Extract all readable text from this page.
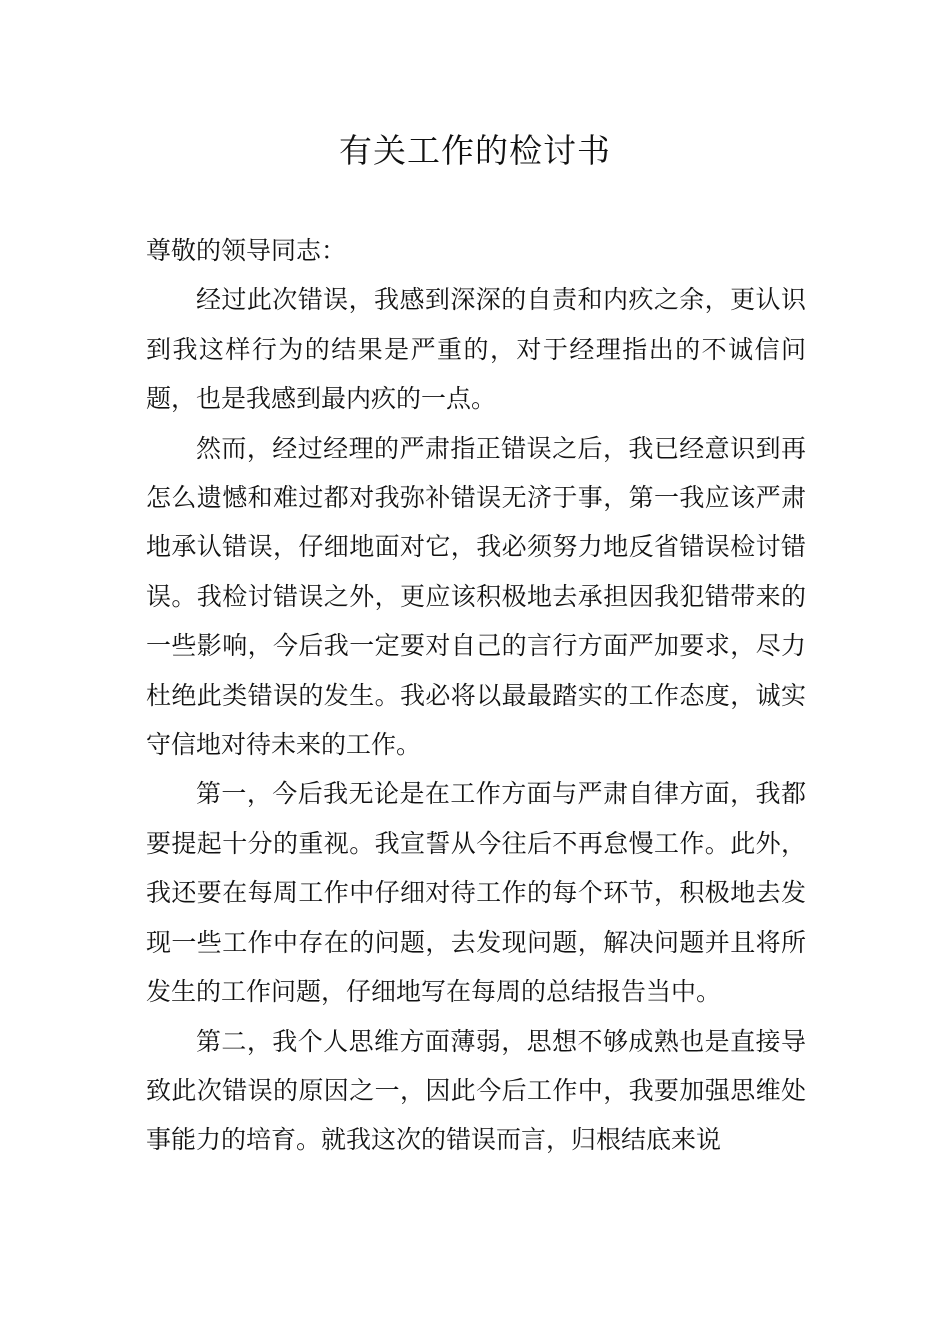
有关工作的检讨书

尊敬的领导同志：

经过此次错误，我感到深深的自责和内疚之余，更认识到我这样行为的结果是严重的，对于经理指出的不诚信问题，也是我感到最内疚的一点。

然而，经过经理的严肃指正错误之后，我已经意识到再怎么遗憾和难过都对我弥补错误无济于事，第一我应该严肃地承认错误，仔细地面对它，我必须努力地反省错误检讨错误。我检讨错误之外，更应该积极地去承担因我犯错带来的一些影响，今后我一定要对自己的言行方面严加要求，尽力杜绝此类错误的发生。我必将以最最踏实的工作态度，诚实守信地对待未来的工作。

第一，今后我无论是在工作方面与严肃自律方面，我都要提起十分的重视。我宣誓从今往后不再怠慢工作。此外，我还要在每周工作中仔细对待工作的每个环节，积极地去发现一些工作中存在的问题，去发现问题，解决问题并且将所发生的工作问题，仔细地写在每周的总结报告当中。

第二，我个人思维方面薄弱，思想不够成熟也是直接导致此次错误的原因之一，因此今后工作中，我要加强思维处事能力的培育。就我这次的错误而言，归根结底来说
